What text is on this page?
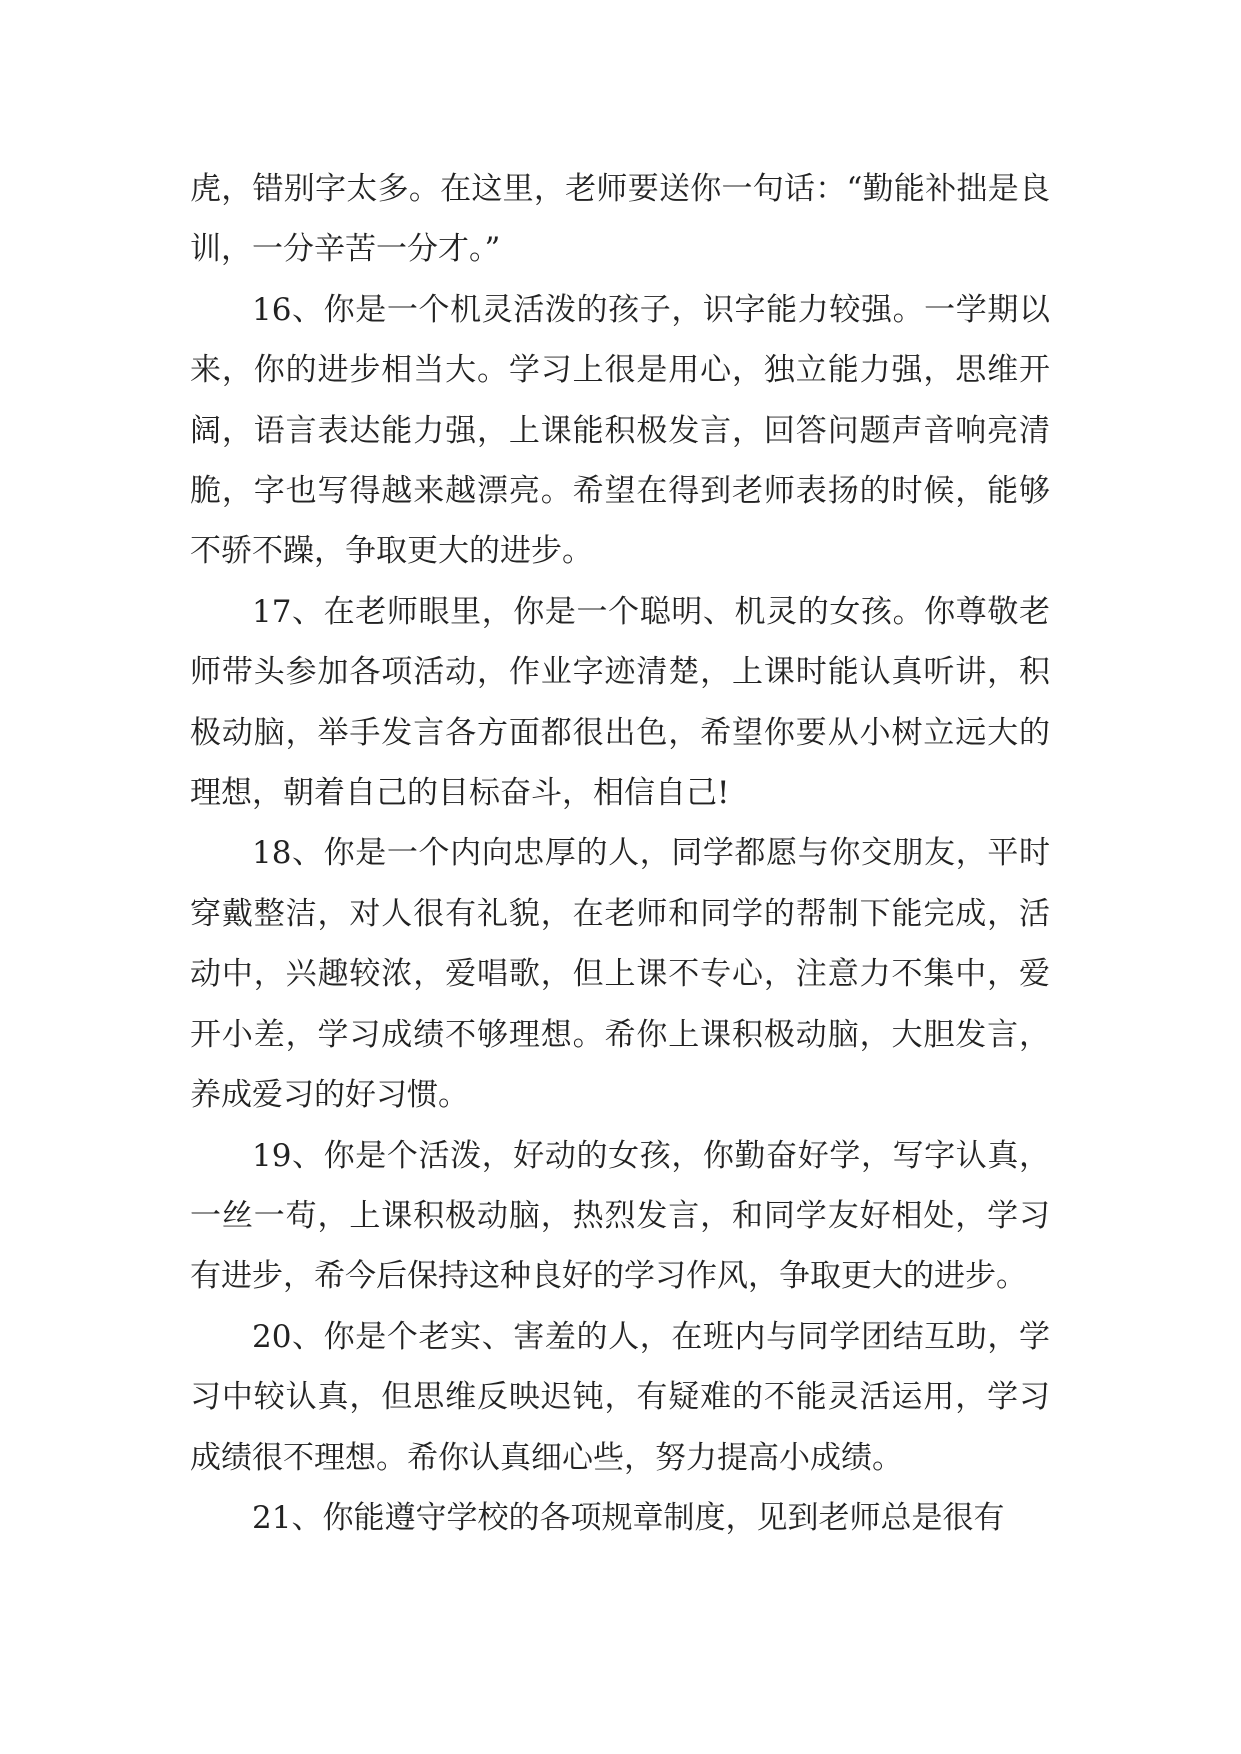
虎，错别字太多。在这里，老师要送你一句话：“勤能补拙是良训，一分辛苦一分才。”

16、你是一个机灵活泼的孩子，识字能力较强。一学期以来，你的进步相当大。学习上很是用心，独立能力强，思维开阔，语言表达能力强，上课能积极发言，回答问题声音响亮清脆，字也写得越来越漂亮。希望在得到老师表扬的时候，能够不骄不躁，争取更大的进步。

17、在老师眼里，你是一个聪明、机灵的女孩。你尊敬老师带头参加各项活动，作业字迹清楚，上课时能认真听讲，积极动脑，举手发言各方面都很出色，希望你要从小树立远大的理想，朝着自己的目标奋斗，相信自己!

18、你是一个内向忠厚的人，同学都愿与你交朋友，平时穿戴整洁，对人很有礼貌，在老师和同学的帮制下能完成，活动中，兴趣较浓，爱唱歌，但上课不专心，注意力不集中，爱开小差，学习成绩不够理想。希你上课积极动脑，大胆发言，养成爱习的好习惯。

19、你是个活泼，好动的女孩，你勤奋好学，写字认真，一丝一苟，上课积极动脑，热烈发言，和同学友好相处，学习有进步，希今后保持这种良好的学习作风，争取更大的进步。

20、你是个老实、害羞的人，在班内与同学团结互助，学习中较认真，但思维反映迟钝，有疑难的不能灵活运用，学习成绩很不理想。希你认真细心些，努力提高小成绩。

21、你能遵守学校的各项规章制度，见到老师总是很有
